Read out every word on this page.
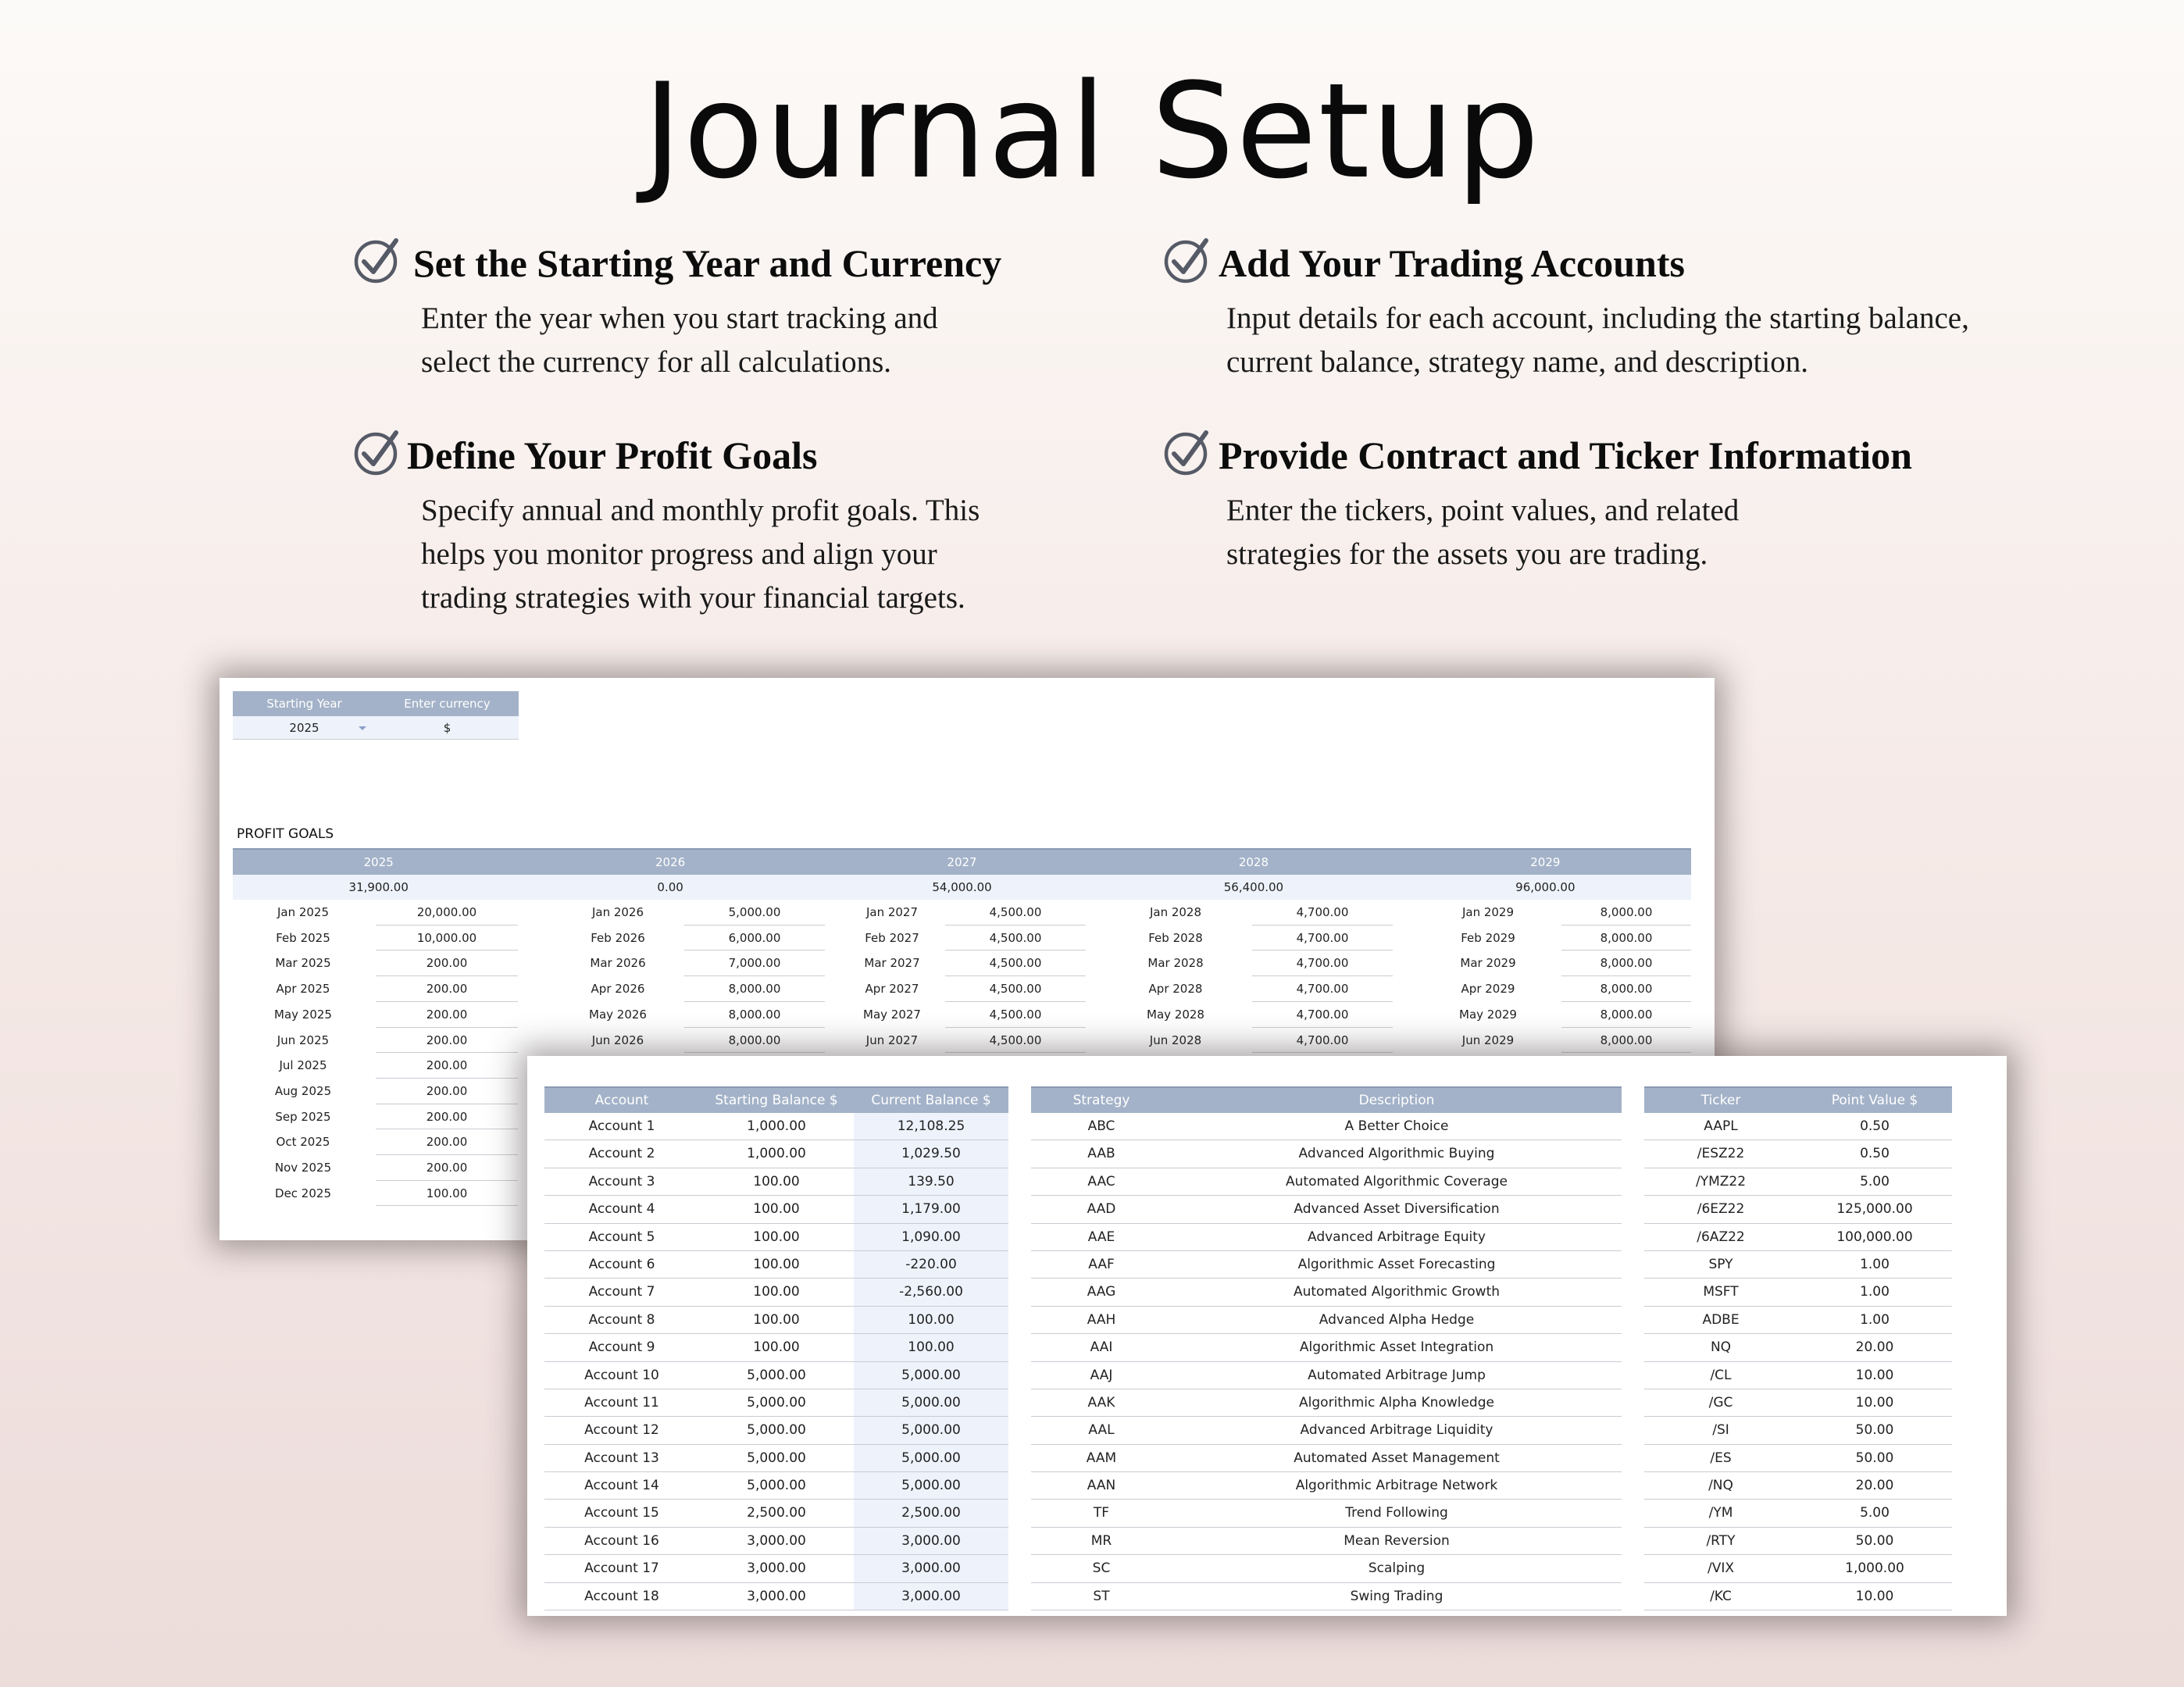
Journal Setup
Set the Starting Year and Currency

Enter the year when you start tracking and select the currency for all calculations.

Add Your Trading Accounts

Input details for each account, including the starting balance, current balance, strategy name, and description.

Define Your Profit Goals

Specify annual and monthly profit goals. This helps you monitor progress and align your trading strategies with your financial targets.

Provide Contract and Ticker Information

Enter the tickers, point values, and related strategies for the assets you are trading.

Starting Year	Enter currency
2025	$
PROFIT GOALS
2025	2026	2027	2028	2029
31,900.00	0.00	54,000.00	56,400.00	96,000.00
Jan 2025	20,000.00
Feb 2025	10,000.00
Mar 2025	200.00
Apr 2025	200.00
May 2025	200.00
Jun 2025	200.00
Jul 2025	200.00
Aug 2025	200.00
Sep 2025	200.00
Oct 2025	200.00
Nov 2025	200.00
Dec 2025	100.00
Jan 2026	5,000.00
Feb 2026	6,000.00
Mar 2026	7,000.00
Apr 2026	8,000.00
May 2026	8,000.00
Jun 2026	8,000.00
Jan 2027	4,500.00
Feb 2027	4,500.00
Mar 2027	4,500.00
Apr 2027	4,500.00
May 2027	4,500.00
Jun 2027	4,500.00
Jan 2028	4,700.00
Feb 2028	4,700.00
Mar 2028	4,700.00
Apr 2028	4,700.00
May 2028	4,700.00
Jun 2028	4,700.00
Jan 2029	8,000.00
Feb 2029	8,000.00
Mar 2029	8,000.00
Apr 2029	8,000.00
May 2029	8,000.00
Jun 2029	8,000.00
Account	Starting Balance $	Current Balance $
Account 1	1,000.00	12,108.25
Account 2	1,000.00	1,029.50
Account 3	100.00	139.50
Account 4	100.00	1,179.00
Account 5	100.00	1,090.00
Account 6	100.00	-220.00
Account 7	100.00	-2,560.00
Account 8	100.00	100.00
Account 9	100.00	100.00
Account 10	5,000.00	5,000.00
Account 11	5,000.00	5,000.00
Account 12	5,000.00	5,000.00
Account 13	5,000.00	5,000.00
Account 14	5,000.00	5,000.00
Account 15	2,500.00	2,500.00
Account 16	3,000.00	3,000.00
Account 17	3,000.00	3,000.00
Account 18	3,000.00	3,000.00
Strategy	Description
ABC	A Better Choice
AAB	Advanced Algorithmic Buying
AAC	Automated Algorithmic Coverage
AAD	Advanced Asset Diversification
AAE	Advanced Arbitrage Equity
AAF	Algorithmic Asset Forecasting
AAG	Automated Algorithmic Growth
AAH	Advanced Alpha Hedge
AAI	Algorithmic Asset Integration
AAJ	Automated Arbitrage Jump
AAK	Algorithmic Alpha Knowledge
AAL	Advanced Arbitrage Liquidity
AAM	Automated Asset Management
AAN	Algorithmic Arbitrage Network
TF	Trend Following
MR	Mean Reversion
SC	Scalping
ST	Swing Trading
Ticker	Point Value $
AAPL	0.50
/ESZ22	0.50
/YMZ22	5.00
/6EZ22	125,000.00
/6AZ22	100,000.00
SPY	1.00
MSFT	1.00
ADBE	1.00
NQ	20.00
/CL	10.00
/GC	10.00
/SI	50.00
/ES	50.00
/NQ	20.00
/YM	5.00
/RTY	50.00
/VIX	1,000.00
/KC	10.00
